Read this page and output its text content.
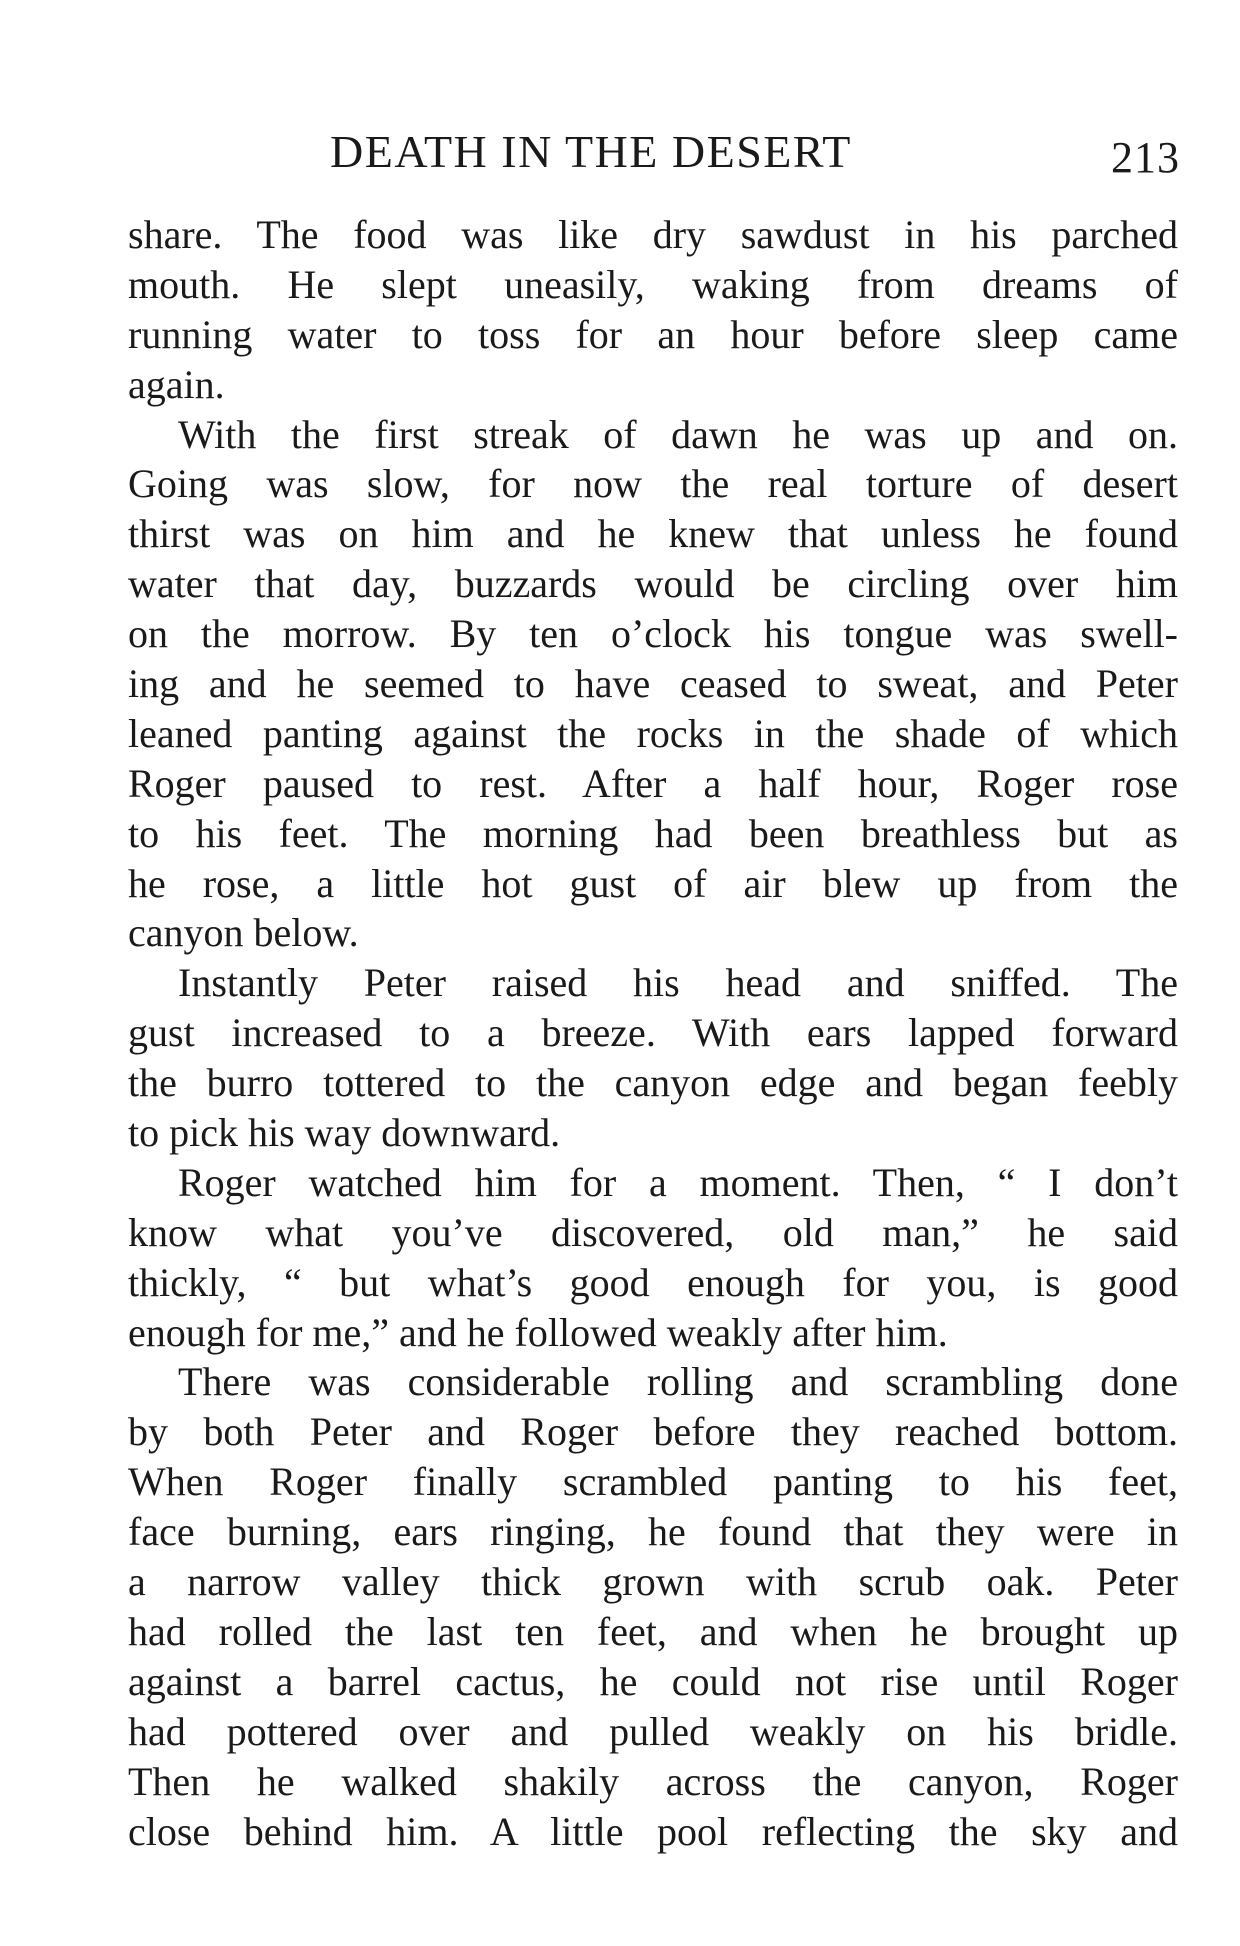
DEATH IN THE DESERT	213
share. The food was like dry sawdust in his parched
mouth. He slept uneasily, waking from dreams of
running water to toss for an hour before sleep came
again.
With the first streak of dawn he was up and on.
Going was slow, for now the real torture of desert
thirst was on him and he knew that unless he found
water that day, buzzards would be circling over him
on the morrow. By ten o’clock his tongue was swell-
ing and he seemed to have ceased to sweat, and Peter
leaned panting against the rocks in the shade of which
Roger paused to rest. After a half hour, Roger rose
to his feet. The morning had been breathless but as
he rose, a little hot gust of air blew up from the
canyon below.
Instantly Peter raised his head and sniffed. The
gust increased to a breeze. With ears lapped forward
the burro tottered to the canyon edge and began feebly
to pick his way downward.
Roger watched him for a moment. Then, “ I don’t
know what you’ve discovered, old man,” he said
thickly, “ but what’s good enough for you, is good
enough for me,” and he followed weakly after him.
There was considerable rolling and scrambling done
by both Peter and Roger before they reached bottom.
When Roger finally scrambled panting to his feet,
face burning, ears ringing, he found that they were in
a narrow valley thick grown with scrub oak. Peter
had rolled the last ten feet, and when he brought up
against a barrel cactus, he could not rise until Roger
had pottered over and pulled weakly on his bridle.
Then he walked shakily across the canyon, Roger
close behind him. A little pool reflecting the sky and
